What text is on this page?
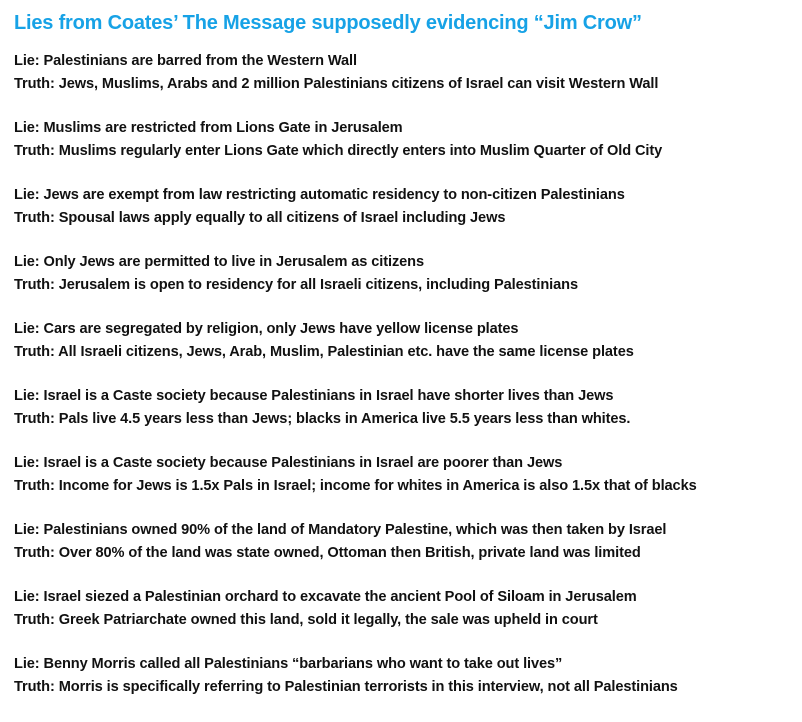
Lies from Coates’ The Message supposedly evidencing “Jim Crow”
Lie: Palestinians are barred from the Western Wall
Truth: Jews, Muslims, Arabs and 2 million Palestinians citizens of Israel can visit Western Wall
Lie: Muslims are restricted from Lions Gate in Jerusalem
Truth: Muslims regularly enter Lions Gate which directly enters into Muslim Quarter of Old City
Lie: Jews are exempt from law restricting automatic residency to non-citizen Palestinians
Truth: Spousal laws apply equally to all citizens of Israel including Jews
Lie: Only Jews are permitted to live in Jerusalem as citizens
Truth: Jerusalem is open to residency for all Israeli citizens, including Palestinians
Lie: Cars are segregated by religion, only Jews have yellow license plates
Truth: All Israeli citizens, Jews, Arab, Muslim, Palestinian etc. have the same license plates
Lie: Israel is a Caste society because Palestinians in Israel have shorter lives than Jews
Truth: Pals live 4.5 years less than Jews; blacks in America live 5.5 years less than whites.
Lie: Israel is a Caste society because Palestinians in Israel are poorer than Jews
Truth: Income for Jews is 1.5x Pals in Israel; income for whites in America is also 1.5x that of blacks
Lie: Palestinians owned 90% of the land of Mandatory Palestine, which was then taken by Israel
Truth: Over 80% of the land was state owned, Ottoman then British, private land was limited
Lie: Israel siezed a Palestinian orchard to excavate the ancient Pool of Siloam in Jerusalem
Truth: Greek Patriarchate owned this land, sold it legally, the sale was upheld in court
Lie: Benny Morris called all Palestinians “barbarians who want to take out lives”
Truth: Morris is specifically referring to Palestinian terrorists in this interview, not all Palestinians
